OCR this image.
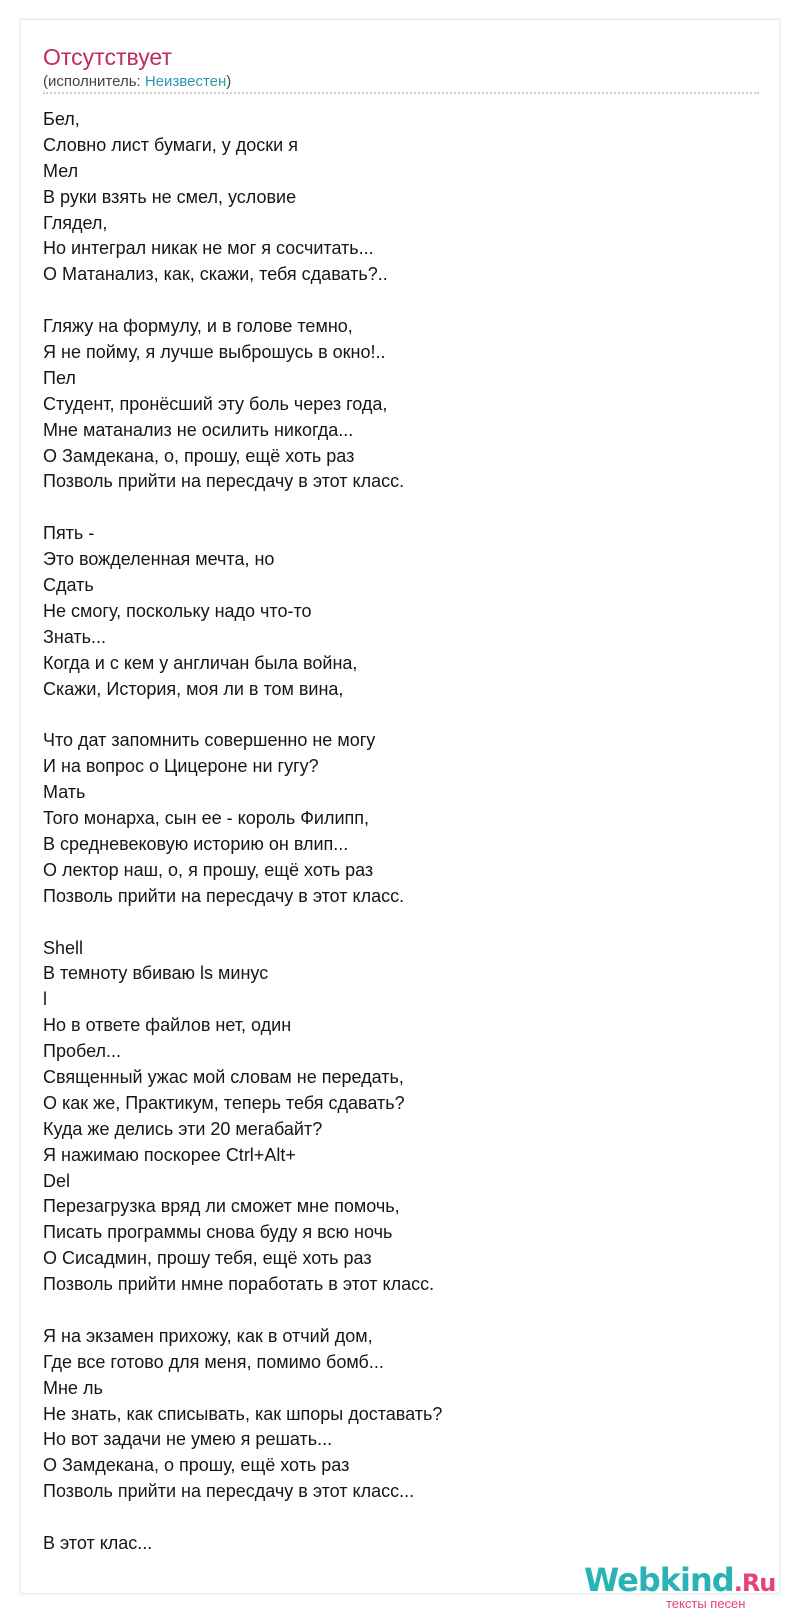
Отсутствует
(исполнитель: Неизвестен)
Бел,
Словно лист бумаги, у доски я
Мел
В руки взять не смел, условие
Глядел,
Но интеграл никак не мог я сосчитать...
О Матанализ, как, скажи, тебя сдавать?..
Гляжу на формулу, и в голове темно,
Я не пойму, я лучше выброшусь в окно!..
Пел
Студент, пронёсший эту боль через года,
Мне матанализ не осилить никогда...
О Замдекана, о, прошу, ещё хоть раз
Позволь прийти на пересдачу в этот класс.
Пять -
Это вожделенная мечта, но
Сдать
Не смогу, поскольку надо что-то
Знать...
Когда и с кем у англичан была война,
Скажи, История, моя ли в том вина,
Что дат запомнить совершенно не могу
И на вопрос о Цицероне ни гугу?
Мать
Того монарха, сын ее - король Филипп,
В средневековую историю он влип...
О лектор наш, о, я прошу, ещё хоть раз
Позволь прийти на пересдачу в этот класс.
Shell
В темноту вбиваю ls минус
l
Но в ответе файлов нет, один
Пробел...
Священный ужас мой словам не передать,
О как же, Практикум, теперь тебя сдавать?
Куда же делись эти 20 мегабайт?
Я нажимаю поскорее Ctrl+Alt+
Del
Перезагрузка вряд ли сможет мне помочь,
Писать программы снова буду я всю ночь
О Сисадмин, прошу тебя, ещё хоть раз
Позволь прийти нмне поработать в этот класс.
Я на экзамен прихожу, как в отчий дом,
Где все готово для меня, помимо бомб...
Мне ль
Не знать, как списывать, как шпоры доставать?
Но вот задачи не умею я решать...
О Замдекана, о прошу, ещё хоть раз
Позволь прийти на пересдачу в этот класс...
В этот клас...
Webkind.Ru
тексты песен
